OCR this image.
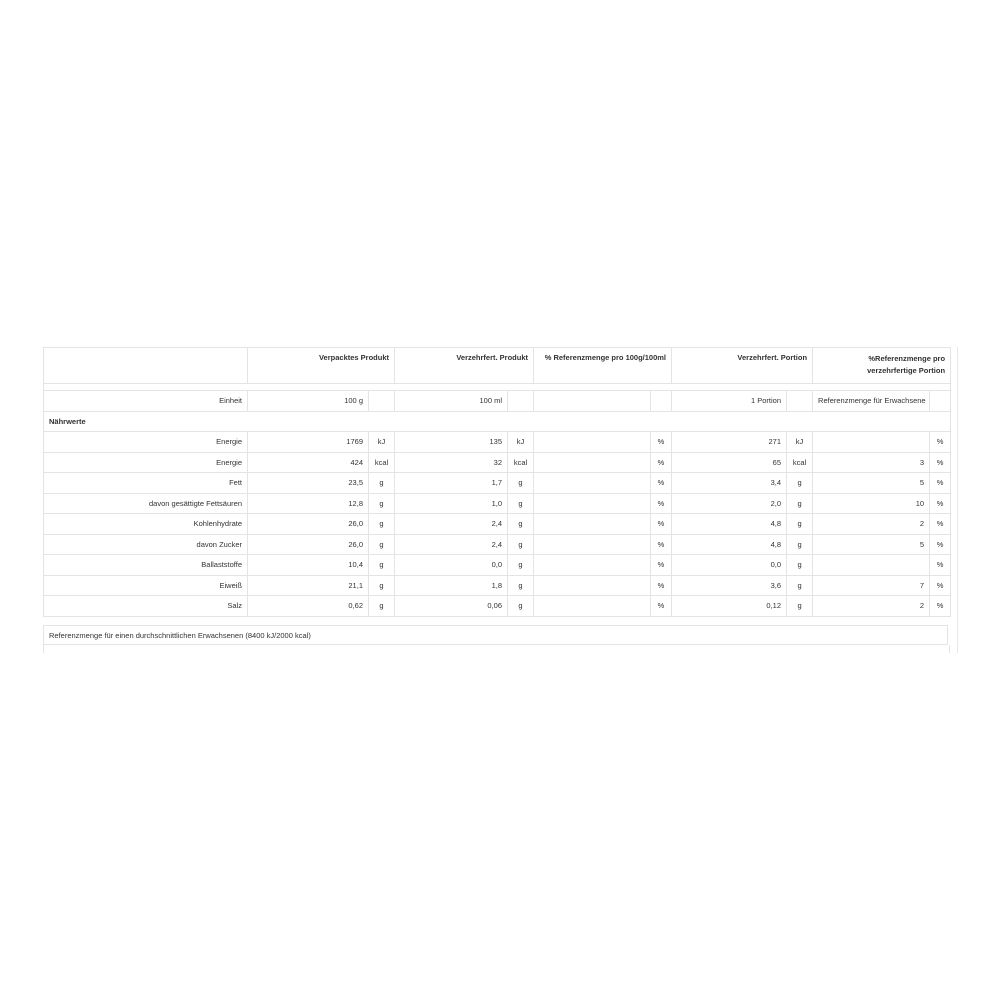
	Verpacktes Produkt		Verzehrfert. Produkt		% Referenzmenge pro 100g/100ml		Verzehrfert. Portion		%Referenzmenge pro verzehrfertige Portion	

Einheit	100 g		100 ml				1 Portion		Referenzmenge für Erwachsene	
Nährwerte										
Energie	1769	kJ	135	kJ		%	271	kJ		%
Energie	424	kcal	32	kcal		%	65	kcal	3	%
Fett	23,5	g	1,7	g		%	3,4	g	5	%
davon gesättigte Fettsäuren	12,8	g	1,0	g		%	2,0	g	10	%
Kohlenhydrate	26,0	g	2,4	g		%	4,8	g	2	%
davon Zucker	26,0	g	2,4	g		%	4,8	g	5	%
Ballaststoffe	10,4	g	0,0	g		%	0,0	g		%
Eiweiß	21,1	g	1,8	g		%	3,6	g	7	%
Salz	0,62	g	0,06	g		%	0,12	g	2	%
Referenzmenge für einen durchschnittlichen Erwachsenen (8400 kJ/2000 kcal)
